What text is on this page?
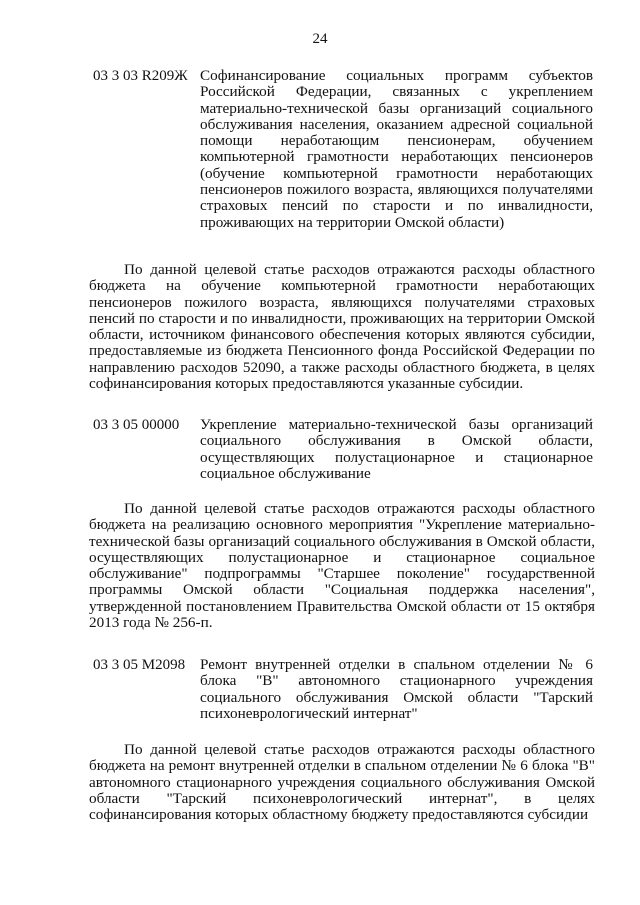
24
03 3 03 R209Ж Софинансирование социальных программ субъектов Российской Федерации, связанных с укреплением материально-технической базы организаций социального обслуживания населения, оказанием адресной социальной помощи неработающим пенсионерам, обучением компьютерной грамотности неработающих пенсионеров (обучение компьютерной грамотности неработающих пенсионеров пожилого возраста, являющихся получателями страховых пенсий по старости и по инвалидности, проживающих на территории Омской области)
По данной целевой статье расходов отражаются расходы областного бюджета на обучение компьютерной грамотности неработающих пенсионеров пожилого возраста, являющихся получателями страховых пенсий по старости и по инвалидности, проживающих на территории Омской области, источником финансового обеспечения которых являются субсидии, предоставляемые из бюджета Пенсионного фонда Российской Федерации по направлению расходов 52090, а также расходы областного бюджета, в целях софинансирования которых предоставляются указанные субсидии.
03 3 05 00000 Укрепление материально-технической базы организаций социального обслуживания в Омской области, осуществляющих полустационарное и стационарное социальное обслуживание
По данной целевой статье расходов отражаются расходы областного бюджета на реализацию основного мероприятия "Укрепление материально-технической базы организаций социального обслуживания в Омской области, осуществляющих полустационарное и стационарное социальное обслуживание" подпрограммы "Старшее поколение" государственной программы Омской области "Социальная поддержка населения", утвержденной постановлением Правительства Омской области от 15 октября 2013 года № 256-п.
03 3 05 M2098 Ремонт внутренней отделки в спальном отделении № 6 блока "В" автономного стационарного учреждения социального обслуживания Омской области "Тарский психоневрологический интернат"
По данной целевой статье расходов отражаются расходы областного бюджета на ремонт внутренней отделки в спальном отделении № 6 блока "В" автономного стационарного учреждения социального обслуживания Омской области "Тарский психоневрологический интернат", в целях софинансирования которых областному бюджету предоставляются субсидии
